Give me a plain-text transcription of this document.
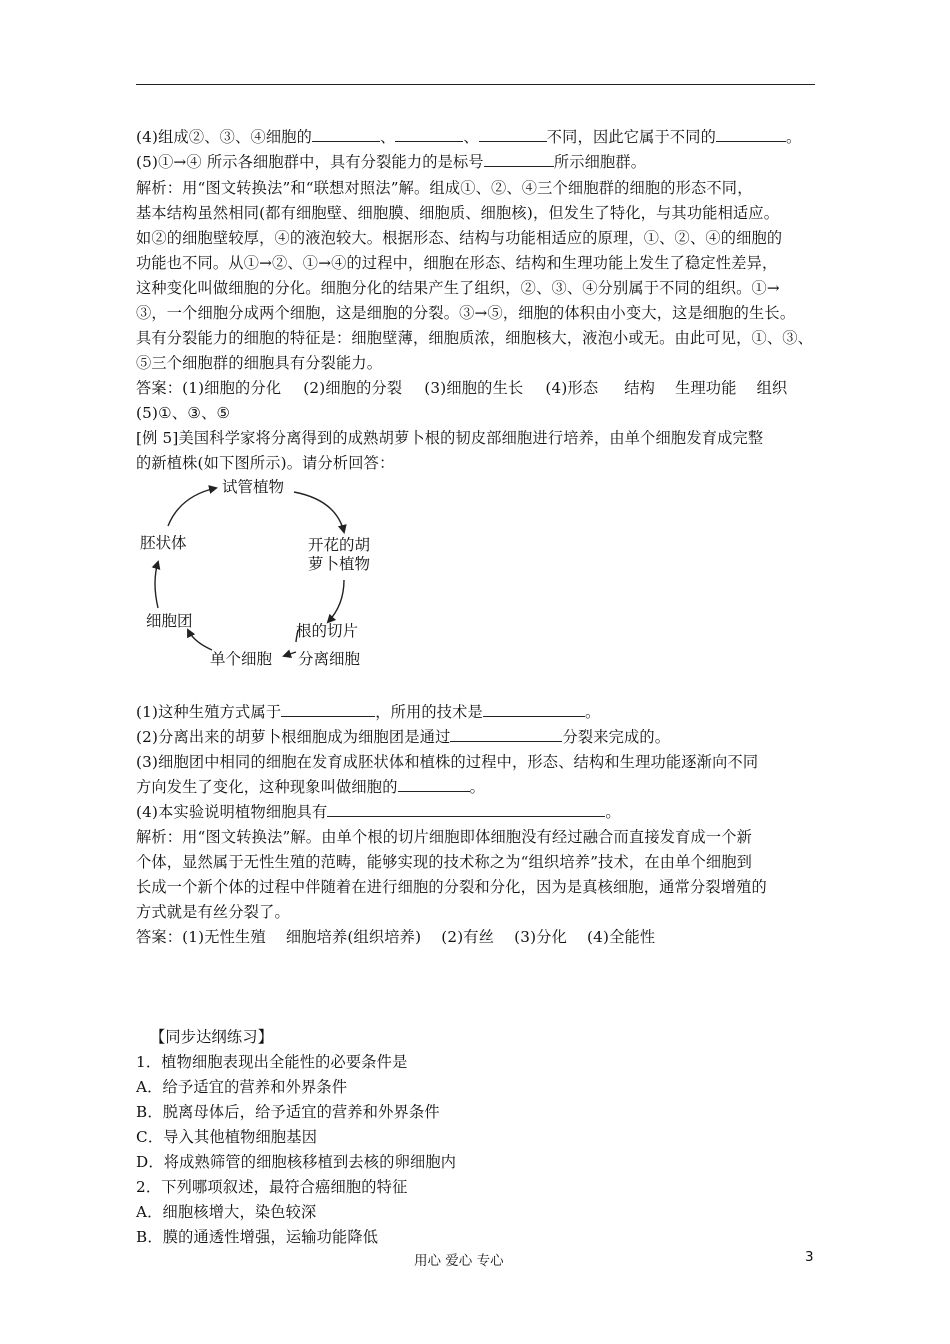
(4)组成②、③、④细胞的	、	、	不同，因此它属于不同的	。
(5)①→④ 所示各细胞群中，具有分裂能力的是标号	所示细胞群。
解析：用“图文转换法”和“联想对照法”解。组成①、②、④三个细胞群的细胞的形态不同，
基本结构虽然相同(都有细胞壁、细胞膜、细胞质、细胞核)，但发生了特化，与其功能相适应。
如②的细胞壁较厚，④的液泡较大。根据形态、结构与功能相适应的原理，①、②、④的细胞的
功能也不同。从①→②、①→④的过程中，细胞在形态、结构和生理功能上发生了稳定性差异，
这种变化叫做细胞的分化。细胞分化的结果产生了组织，②、③、④分别属于不同的组织。①→
③，一个细胞分成两个细胞，这是细胞的分裂。③→⑤，细胞的体积由小变大，这是细胞的生长。
具有分裂能力的细胞的特征是：细胞壁薄，细胞质浓，细胞核大，液泡小或无。由此可见，①、③、
⑤三个细胞群的细胞具有分裂能力。
答案：(1)细胞的分化 (2)细胞的分裂 (3)细胞的生长 (4)形态 结构 生理功能 组织
(5)①、③、⑤
[例 5]美国科学家将分离得到的成熟胡萝卜根的韧皮部细胞进行培养，由单个细胞发育成完整
的新植株(如下图所示)。请分析回答：
试管植物
开花的胡
萝卜植物
根的切片
分离细胞
单个细胞
细胞团
胚状体
(1)这种生殖方式属于	，所用的技术是	。
(2)分离出来的胡萝卜根细胞成为细胞团是通过	分裂来完成的。
(3)细胞团中相同的细胞在发育成胚状体和植株的过程中，形态、结构和生理功能逐渐向不同
方向发生了变化，这种现象叫做细胞的	。
(4)本实验说明植物细胞具有	。
解析：用“图文转换法”解。由单个根的切片细胞即体细胞没有经过融合而直接发育成一个新
个体，显然属于无性生殖的范畴，能够实现的技术称之为“组织培养”技术，在由单个细胞到
长成一个新个体的过程中伴随着在进行细胞的分裂和分化，因为是真核细胞，通常分裂增殖的
方式就是有丝分裂了。
答案：(1)无性生殖 细胞培养(组织培养) (2)有丝 (3)分化 (4)全能性
【同步达纲练习】
1．植物细胞表现出全能性的必要条件是
A．给予适宜的营养和外界条件
B．脱离母体后，给予适宜的营养和外界条件
C．导入其他植物细胞基因
D．将成熟筛管的细胞核移植到去核的卵细胞内
2．下列哪项叙述，最符合癌细胞的特征
A．细胞核增大，染色较深
B．膜的通透性增强，运输功能降低
用心 爱心 专心	3
